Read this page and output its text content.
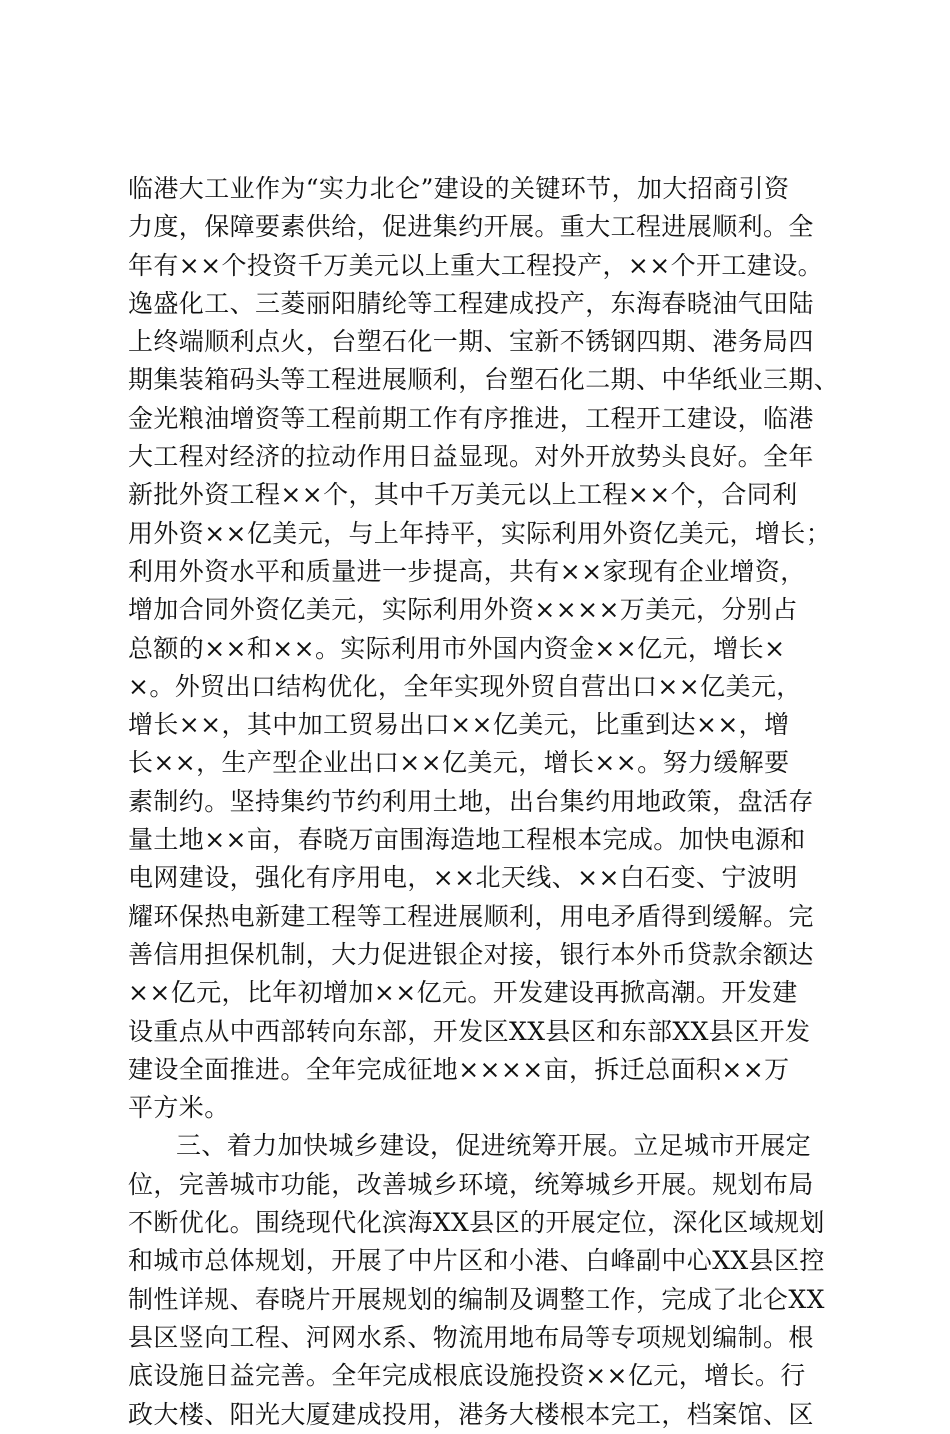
临港大工业作为“实力北仑”建设的关键环节，加大招商引资
力度，保障要素供给，促进集约开展。重大工程进展顺利。全
年有××个投资千万美元以上重大工程投产，××个开工建设。
逸盛化工、三菱丽阳腈纶等工程建成投产，东海春晓油气田陆
上终端顺利点火，台塑石化一期、宝新不锈钢四期、港务局四
期集装箱码头等工程进展顺利，台塑石化二期、中华纸业三期、
金光粮油增资等工程前期工作有序推进，工程开工建设，临港
大工程对经济的拉动作用日益显现。对外开放势头良好。全年
新批外资工程××个，其中千万美元以上工程××个，合同利
用外资××亿美元，与上年持平，实际利用外资亿美元，增长；
利用外资水平和质量进一步提高，共有××家现有企业增资，
增加合同外资亿美元，实际利用外资××××万美元，分别占
总额的××和××。实际利用市外国内资金××亿元，增长×
×。外贸出口结构优化，全年实现外贸自营出口××亿美元，
增长××，其中加工贸易出口××亿美元，比重到达××，增
长××，生产型企业出口××亿美元，增长××。努力缓解要
素制约。坚持集约节约利用土地，出台集约用地政策，盘活存
量土地××亩，春晓万亩围海造地工程根本完成。加快电源和
电网建设，强化有序用电，××北天线、××白石变、宁波明
耀环保热电新建工程等工程进展顺利，用电矛盾得到缓解。完
善信用担保机制，大力促进银企对接，银行本外币贷款余额达
××亿元，比年初增加××亿元。开发建设再掀高潮。开发建
设重点从中西部转向东部，开发区XX县区和东部XX县区开发
建设全面推进。全年完成征地××××亩，拆迁总面积××万
平方米。
三、着力加快城乡建设，促进统筹开展。立足城市开展定
位，完善城市功能，改善城乡环境，统筹城乡开展。规划布局
不断优化。围绕现代化滨海XX县区的开展定位，深化区域规划
和城市总体规划，开展了中片区和小港、白峰副中心XX县区控
制性详规、春晓片开展规划的编制及调整工作，完成了北仑XX
县区竖向工程、河网水系、物流用地布局等专项规划编制。根
底设施日益完善。全年完成根底设施投资××亿元，增长。行
政大楼、阳光大厦建成投用，港务大楼根本完工，档案馆、区
